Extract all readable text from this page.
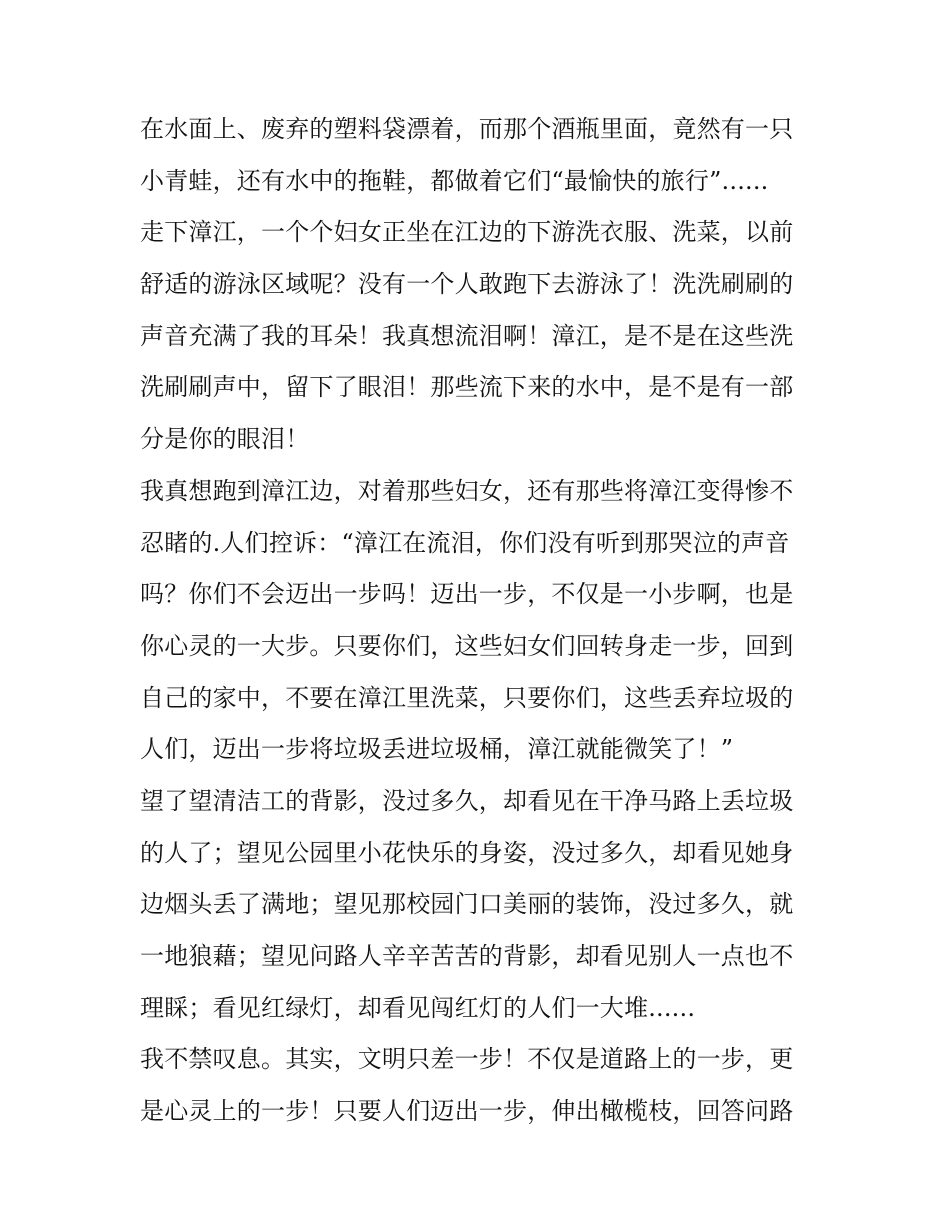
在水面上、废弃的塑料袋漂着，而那个酒瓶里面，竟然有一只
小青蛙，还有水中的拖鞋，都做着它们“最愉快的旅行”......
走下漳江，一个个妇女正坐在江边的下游洗衣服、洗菜，以前
舒适的游泳区域呢？没有一个人敢跑下去游泳了！洗洗刷刷的
声音充满了我的耳朵！我真想流泪啊！漳江，是不是在这些洗
洗刷刷声中，留下了眼泪！那些流下来的水中，是不是有一部
分是你的眼泪！
我真想跑到漳江边，对着那些妇女，还有那些将漳江变得惨不
忍睹的.人们控诉：“漳江在流泪，你们没有听到那哭泣的声音
吗？你们不会迈出一步吗！迈出一步，不仅是一小步啊，也是
你心灵的一大步。只要你们，这些妇女们回转身走一步，回到
自己的家中，不要在漳江里洗菜，只要你们，这些丢弃垃圾的
人们，迈出一步将垃圾丢进垃圾桶，漳江就能微笑了！”
望了望清洁工的背影，没过多久，却看见在干净马路上丢垃圾
的人了；望见公园里小花快乐的身姿，没过多久，却看见她身
边烟头丢了满地；望见那校园门口美丽的装饰，没过多久，就
一地狼藉；望见问路人辛辛苦苦的背影，却看见别人一点也不
理睬；看见红绿灯，却看见闯红灯的人们一大堆......
我不禁叹息。其实，文明只差一步！不仅是道路上的一步，更
是心灵上的一步！只要人们迈出一步，伸出橄榄枝，回答问路
